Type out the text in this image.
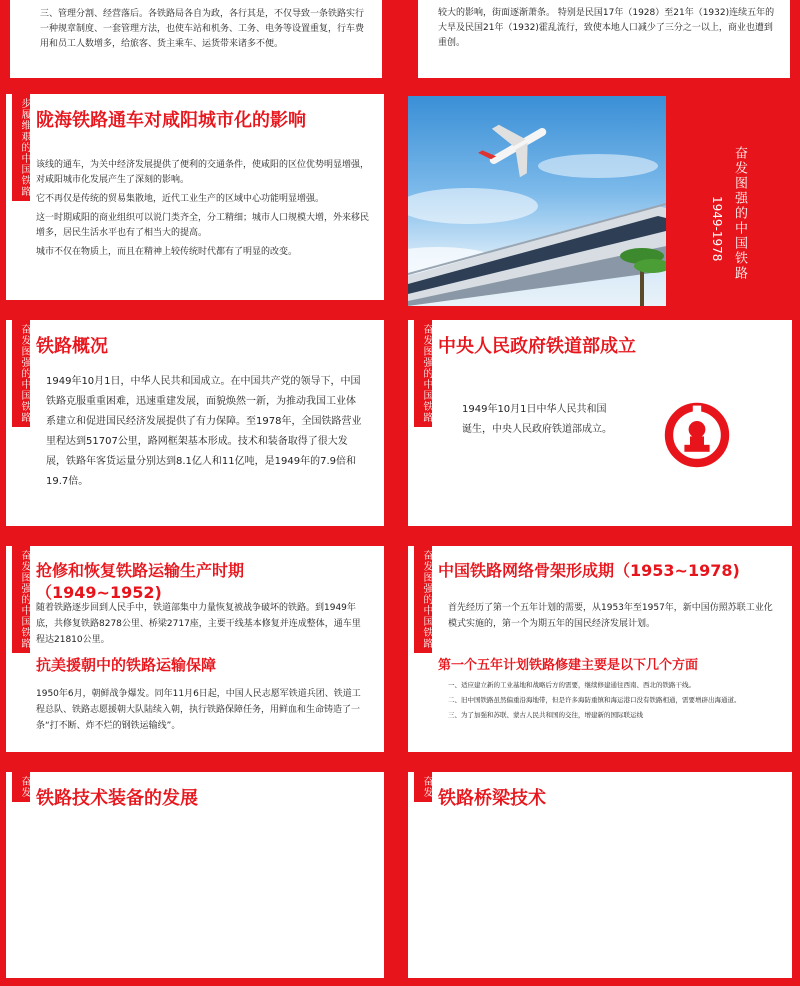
三、管理分割、经营落后。各铁路局各自为政，各行其是，不仅导致一条铁路实行一种规章制度、一套管理方法，也使车站和机务、工务、电务等设置重复，行车费用和员工人数增多，给旅客、货主乘车、运货带来诸多不便。

较大的影响，街面逐渐萧条。 特别是民国17年（1928）至21年（1932)连续五年的大旱及民国21年（1932)霍乱流行，致使本地人口减少了三分之一以上，商业也遭到重创。
步履维艰的中国铁路 陇海铁路通车对咸阳城市化的影响

该线的通车，为关中经济发展提供了便利的交通条件，使咸阳的区位优势明显增强，对咸阳城市化发展产生了深刻的影响。

它不再仅是传统的贸易集散地，近代工业生产的区域中心功能明显增强。

这一时期咸阳的商业组织可以说门类齐全，分工精细；城市人口规模大增，外来移民增多，居民生活水平也有了相当大的提高。

城市不仅在物质上，而且在精神上较传统时代都有了明显的改变。	奋发图强的中国铁路
1949-1978
奋发图强的中国铁路 铁路概况
1949年10月1日，中华人民共和国成立。在中国共产党的领导下，中国铁路克服重重困难，迅速重建发展，面貌焕然一新，为推动我国工业体系建立和促进国民经济发展提供了有力保障。至1978年，全国铁路营业里程达到51707公里，路网框架基本形成。技术和装备取得了很大发展，铁路年客货运量分别达到8.1亿人和11亿吨，是1949年的7.9倍和19.7倍。
奋发图强的中国铁路 中央人民政府铁道部成立
1949年10月1日中华人民共和国诞生，中央人民政府铁道部成立。
奋发图强的中国铁路 抢修和恢复铁路运输生产时期（1949~1952)
随着铁路逐步回到人民手中，铁道部集中力量恢复被战争破坏的铁路。到1949年底，共修复铁路8278公里、桥梁2717座，主要干线基本修复并连成整体，通车里程达21810公里。
抗美援朝中的铁路运输保障
1950年6月，朝鲜战争爆发。同年11月6日起，中国人民志愿军铁道兵团、铁道工程总队、铁路志愿援朝大队陆续入朝，执行铁路保障任务，用鲜血和生命铸造了一条“打不断、炸不烂的钢铁运输线”。
奋发图强的中国铁路 中国铁路网络骨架形成期（1953~1978)
首先经历了第一个五年计划的需要，从1953年至1957年，新中国仿照苏联工业化模式实施的，第一个为期五年的国民经济发展计划。
第一个五年计划铁路修建主要是以下几个方面

一、适应建立新的工业基地和战略后方的需要，继续修建通往西南、西北的铁路干线。

二、旧中国铁路虽然偏重沿海地带，但是许多海防重镇和海运港口没有铁路相通，需要增辟出海通道。

三、为了加强和苏联、蒙古人民共和国的交往，增建新的国际联运线

奋发
铁路技术装备的发展
奋发
铁路桥梁技术
